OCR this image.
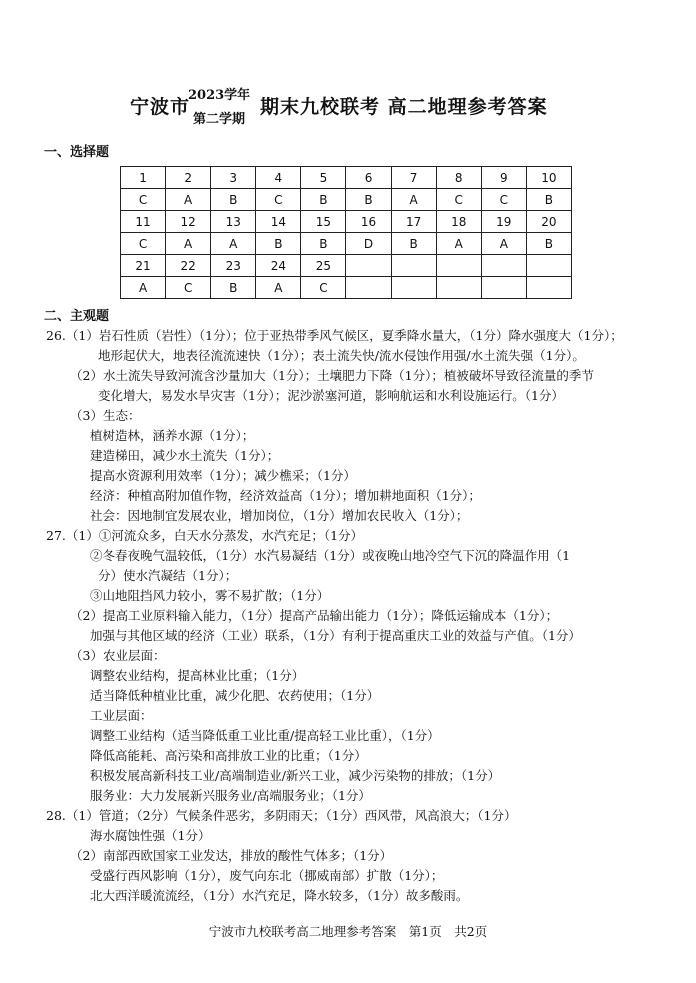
宁波市
2023学年
第二学期
期末九校联考 高二地理参考答案
一、选择题
1	2	3	4	5	6	7	8	9	10
C	A	B	C	B	B	A	C	C	B
11	12	13	14	15	16	17	18	19	20
C	A	A	B	B	D	B	A	A	B
21	22	23	24	25					
A	C	B	A	C					
二、主观题
26.（1）岩石性质（岩性）（1分）；位于亚热带季风气候区，夏季降水量大，（1分）降水强度大（1分）；
地形起伏大，地表径流流速快（1分）；表土流失快/流水侵蚀作用强/水土流失强（1分）。
（2）水土流失导致河流含沙量加大（1分）；土壤肥力下降（1分）；植被破坏导致径流量的季节
变化增大，易发水旱灾害（1分）；泥沙淤塞河道，影响航运和水利设施运行。（1分）
（3）生态：
植树造林，涵养水源（1分）；
建造梯田，减少水土流失（1分）；
提高水资源利用效率（1分）；减少樵采；（1分）
经济：种植高附加值作物，经济效益高（1分）；增加耕地面积（1分）；
社会：因地制宜发展农业，增加岗位，（1分）增加农民收入（1分）；
27.（1）①河流众多，白天水分蒸发，水汽充足；（1分）
②冬春夜晚气温较低，（1分）水汽易凝结（1分）或夜晚山地冷空气下沉的降温作用（1
分）使水汽凝结（1分）；
③山地阻挡风力较小，雾不易扩散；（1分）
（2）提高工业原料输入能力，（1分）提高产品输出能力（1分）；降低运输成本（1分）；
加强与其他区域的经济（工业）联系，（1分）有利于提高重庆工业的效益与产值。（1分）
（3）农业层面：
调整农业结构，提高林业比重；（1分）
适当降低种植业比重，减少化肥、农药使用；（1分）
工业层面：
调整工业结构（适当降低重工业比重/提高轻工业比重），（1分）
降低高能耗、高污染和高排放工业的比重；（1分）
积极发展高新科技工业/高端制造业/新兴工业，减少污染物的排放；（1分）
服务业：大力发展新兴服务业/高端服务业；（1分）
28.（1）管道；（2分）气候条件恶劣，多阴雨天；（1分）西风带，风高浪大；（1分）
海水腐蚀性强（1分）
（2）南部西欧国家工业发达，排放的酸性气体多；（1分）
受盛行西风影响（1分），废气向东北（挪威南部）扩散（1分）；
北大西洋暖流流经，（1分）水汽充足，降水较多，（1分）故多酸雨。
宁波市九校联考高二地理参考答案　第1页　共2页
